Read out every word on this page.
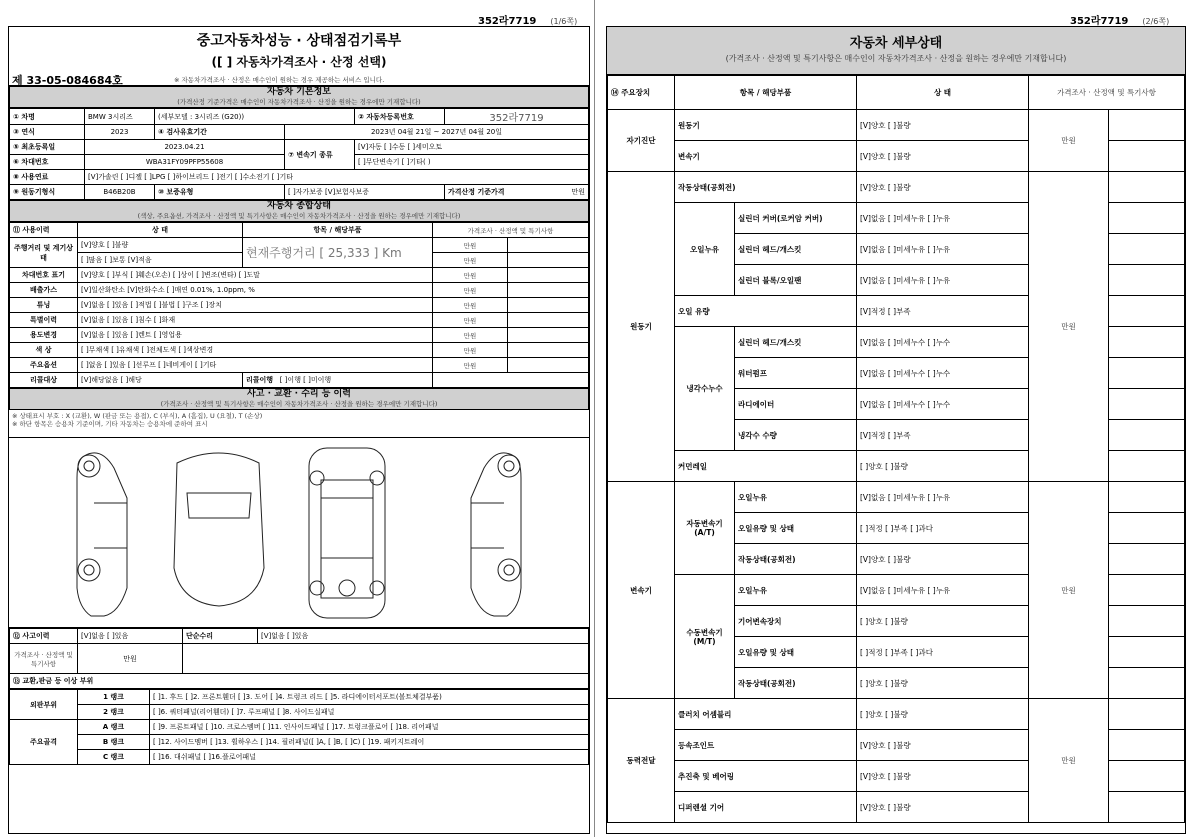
352라7719 (1/6쪽)
중고자동차성능 · 상태점검기록부
([ ] 자동차가격조사 · 산정 선택)
제 33-05-084684호	※ 자동차가격조사 · 산정은 매수인이 원하는 경우 제공하는 서비스 입니다.
자동차 기본정보
(가격산정 기준가격은 매수인이 자동차가격조사 · 산정을 원하는 경우에만 기재합니다)
① 차명	BMW 3시리즈	(세부모델 : 3시리즈 (G20))		② 자동차등록번호	352라7719
③ 연식	2023	④ 검사유효기간	2023년 04월 21일 ~ 2027년 04월 20일		
⑤ 최초등록일	2023.04.21		⑦ 변속기 종류	[V]자동 [ ]수동 [ ]세미오토	
⑥ 차대번호	WBA31FY09PFP55608			[ ]무단변속기 [ ]기타( )	
⑧ 사용연료	[V]가솔린 [ ]디젤 [ ]LPG [ ]하이브리드 [ ]전기 [ ]수소전기 [ ]기타				
⑨ 원동기형식	B46B20B	⑩ 보증유형	[ ]자가보증 [V]보험사보증		가격산정 기준가격 만원
자동차 종합상태
(색상, 주요옵션, 가격조사 · 산정액 및 특기사항은 매수인이 자동차가격조사 · 산정을 원하는 경우에만 기재합니다)
⑪ 사용이력	상 태	항목 / 해당부품	가격조사 · 산정액 및 특기사항	
주행거리 및 계기상태	[V]양호 [ ]불량	현재주행거리 [ 25,333 ] Km	만원	
	[ ]많음 [ ]보통 [V]적음		만원	
차대번호 표기	[V]양호 [ ]부식 [ ]훼손(오손) [ ]상이 [ ]변조(변타) [ ]도말		만원	
배출가스	[V]일산화탄소 [V]탄화수소 [ ]매연 0.01%, 1.0ppm, %		만원	
튜닝	[V]없음 [ ]있음 [ ]적법 [ ]불법 [ ]구조 [ ]장치		만원	
특별이력	[V]없음 [ ]있음 [ ]침수 [ ]화재		만원	
용도변경	[V]없음 [ ]있음 [ ]렌트 [ ]영업용		만원	
색 상	[ ]무채색 [ ]유채색 [ ]전체도색 [ ]색상변경		만원	
주요옵션	[ ]없음 [ ]있음 [ ]선루프 [ ]네비게이 [ ]기타		만원	
리콜대상	[V]해당없음 [ ]해당	리콜이행 [ ]이행 [ ]미이행		
사고 · 교환 · 수리 등 이력
(가격조사 · 산정액 및 특기사항은 매수인이 자동차가격조사 · 산정을 원하는 경우에만 기재합니다)
※ 상태표시 부호 : X (교환), W (판금 또는 용접), C (부식), A (흠집), U (요철), T (손상)
※ 하단 항목은 승용차 기준이며, 기타 자동차는 승용차에 준하여 표시
⑫ 사고이력	[V]없음 [ ]있음	단순수리	[V]없음 [ ]있음
가격조사 · 산정액 및 특기사항	만원		
⑬ 교환,판금 등 이상 부위			
외판부위	1 랭크	[ ]1. 후드 [ ]2. 프론트휀더 [ ]3. 도어 [ ]4. 트렁크 리드 [ ]5. 라디에이터서포트(볼트체결부품)
	2 랭크	[ ]6. 쿼터패널(리어휀더) [ ]7. 루프패널 [ ]8. 사이드실패널
주요골격	A 랭크	[ ]9. 프론트패널 [ ]10. 크로스멤버 [ ]11. 인사이드패널 [ ]17. 트렁크플로어 [ ]18. 리어패널
	B 랭크	[ ]12. 사이드멤버 [ ]13. 휠하우스 [ ]14. 필러패널([ ]A, [ ]B, [ ]C) [ ]19. 패키지트레이
	C 랭크	[ ]16. 대쉬패널 [ ]16.플로어패널
352라7719 (2/6쪽)
자동차 세부상태
(가격조사 · 산정액 및 특기사항은 매수인이 자동차가격조사 · 산정을 원하는 경우에만 기재합니다)
⑭ 주요장치	항목 / 해당부품		상 태	가격조사 · 산정액 및 특기사항	
자기진단	원동기		[V]양호 [ ]불량	만원	
	변속기		[V]양호 [ ]불량		
원동기	작동상태(공회전)		[V]양호 [ ]불량	만원	
	오일누유	실린더 커버(로커암 커버)	[V]없음 [ ]미세누유 [ ]누유		
		실린더 헤드/개스킷	[V]없음 [ ]미세누유 [ ]누유		
		실린더 블록/오일팬	[V]없음 [ ]미세누유 [ ]누유		
	오일 유량		[V]적정 [ ]부족		
	냉각수누수	실린더 헤드/개스킷	[V]없음 [ ]미세누수 [ ]누수		
		워터펌프	[V]없음 [ ]미세누수 [ ]누수		
		라디에이터	[V]없음 [ ]미세누수 [ ]누수		
		냉각수 수량	[V]적정 [ ]부족		
	커먼레일		[ ]양호 [ ]불량		
변속기	자동변속기
(A/T)	오일누유	[V]없음 [ ]미세누유 [ ]누유	만원	
		오일유량 및 상태	[ ]적정 [ ]부족 [ ]과다		
		작동상태(공회전)	[V]양호 [ ]불량		
	수동변속기
(M/T)	오일누유	[V]없음 [ ]미세누유 [ ]누유		
		기어변속장치	[ ]양호 [ ]불량		
		오일유량 및 상태	[ ]적정 [ ]부족 [ ]과다		
		작동상태(공회전)	[ ]양호 [ ]불량		
동력전달	클러치 어셈블리		[ ]양호 [ ]불량	만원	
	등속조인트		[V]양호 [ ]불량		
	추진축 및 베어링		[V]양호 [ ]불량		
	디퍼렌셜 기어		[V]양호 [ ]불량		
